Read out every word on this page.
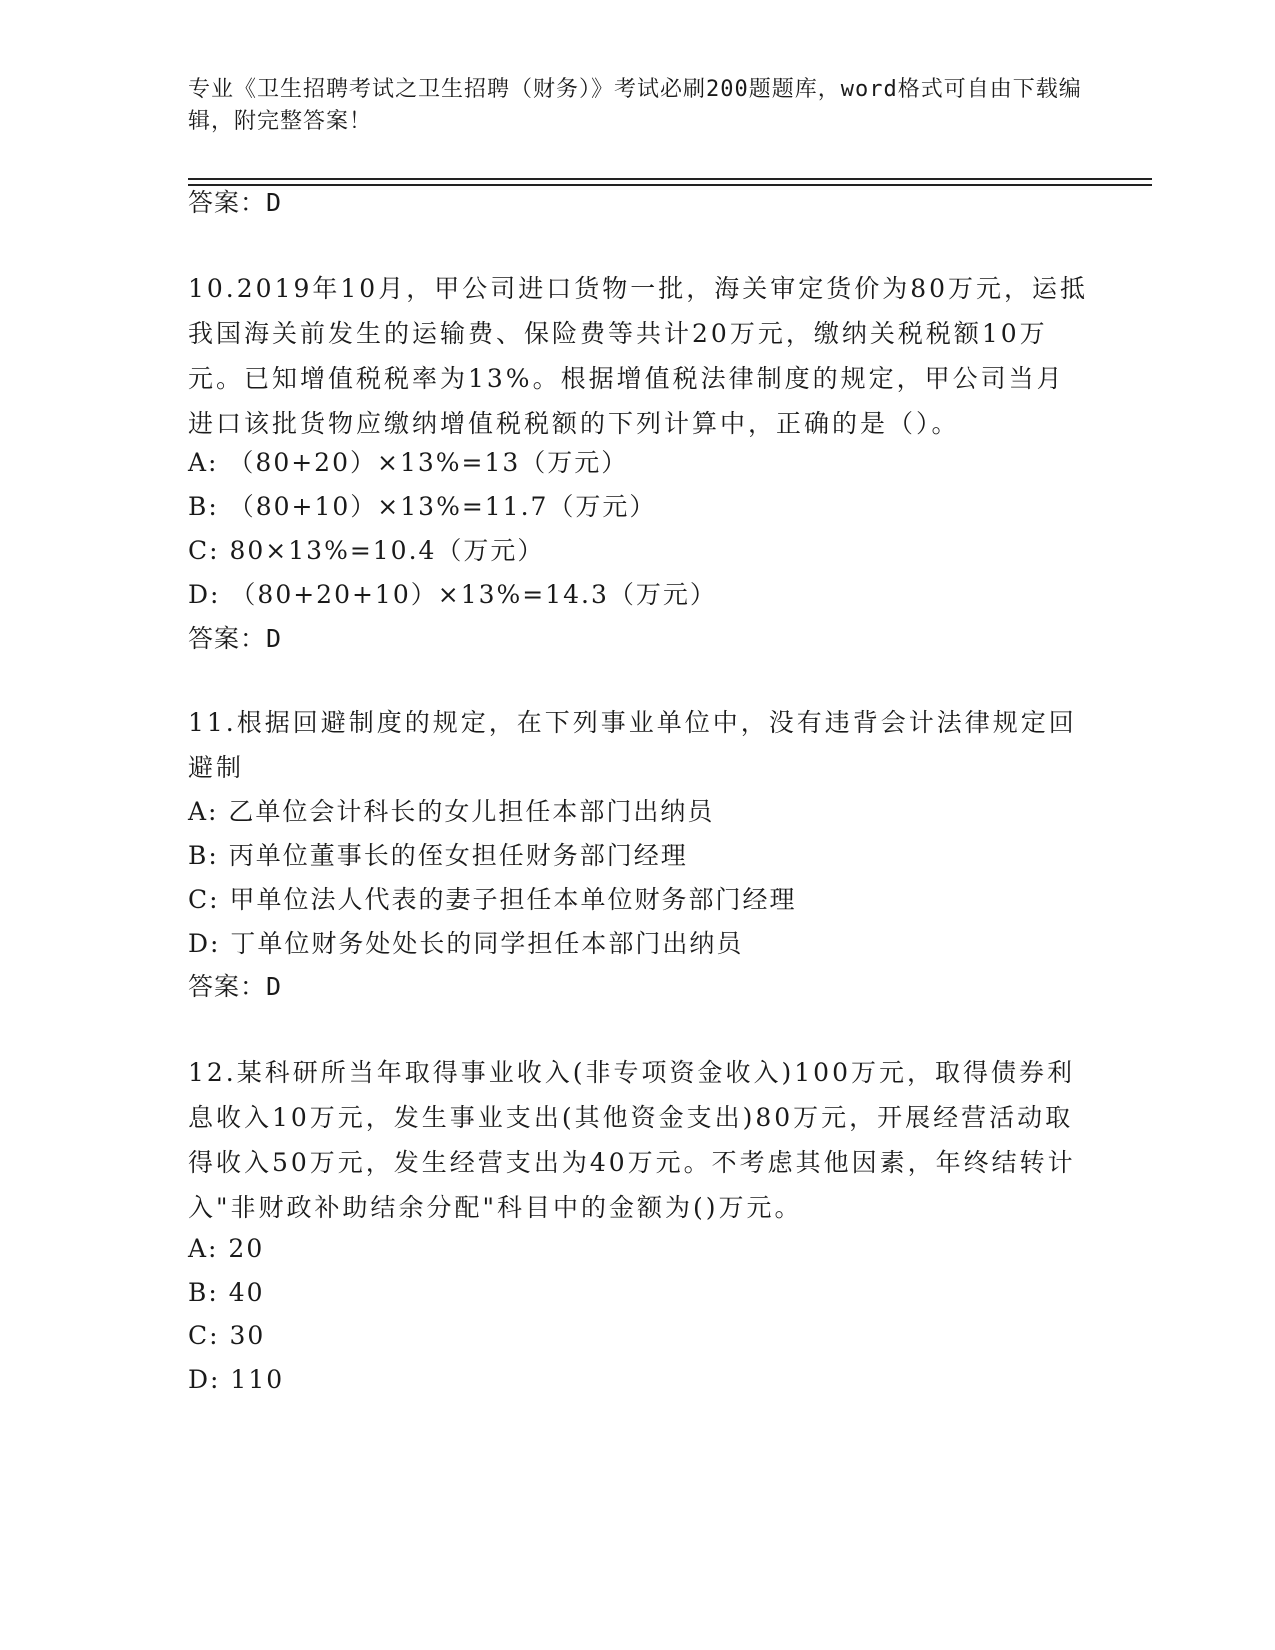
专业《卫生招聘考试之卫生招聘（财务）》考试必刷200题题库，word格式可自由下载编辑，附完整答案！
答案：D
10.2019年10月，甲公司进口货物一批，海关审定货价为80万元，运抵我国海关前发生的运输费、保险费等共计20万元，缴纳关税税额10万元。已知增值税税率为13%。根据增值税法律制度的规定，甲公司当月进口该批货物应缴纳增值税税额的下列计算中，正确的是（）。
A: （80+20）×13%=13（万元）
B: （80+10）×13%=11.7（万元）
C: 80×13%=10.4（万元）
D: （80+20+10）×13%=14.3（万元）
答案：D
11.根据回避制度的规定，在下列事业单位中，没有违背会计法律规定回避制
A: 乙单位会计科长的女儿担任本部门出纳员
B: 丙单位董事长的侄女担任财务部门经理
C: 甲单位法人代表的妻子担任本单位财务部门经理
D: 丁单位财务处处长的同学担任本部门出纳员
答案：D
12.某科研所当年取得事业收入(非专项资金收入)100万元，取得债券利息收入10万元，发生事业支出(其他资金支出)80万元，开展经营活动取得收入50万元，发生经营支出为40万元。不考虑其他因素，年终结转计入"非财政补助结余分配"科目中的金额为()万元。
A: 20
B: 40
C: 30
D: 110
